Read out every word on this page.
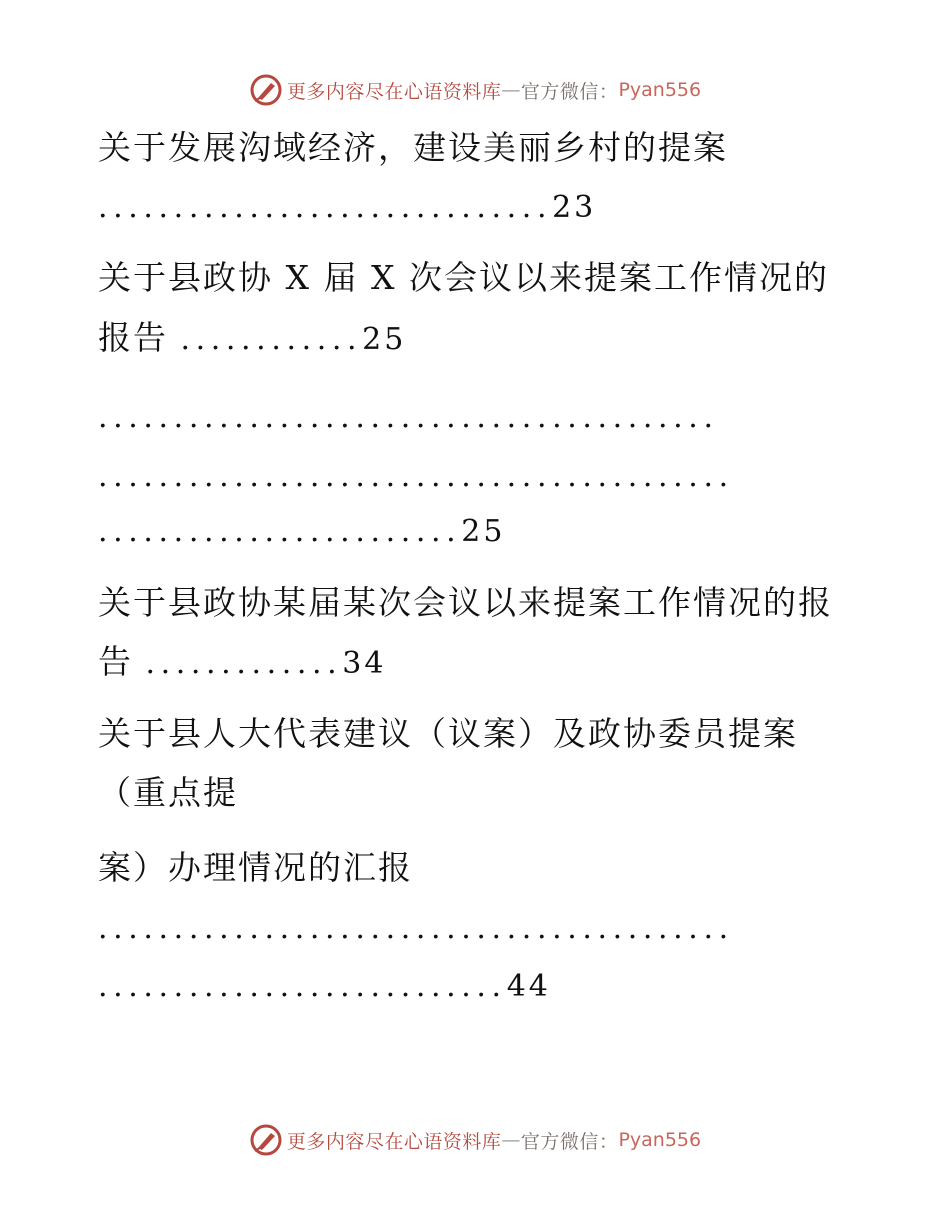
更多内容尽在心语资料库 — 官方微信： Pyan556
关于发展沟域经济，建设美丽乡村的提案
..............................23
关于县政协 X 届 X 次会议以来提案工作情况的
报告 ............25
.........................................
..........................................
........................25
关于县政协某届某次会议以来提案工作情况的报
告 .............34
关于县人大代表建议（议案）及政协委员提案
（重点提
案）办理情况的汇报
..........................................
...........................44
更多内容尽在心语资料库 — 官方微信： Pyan556
